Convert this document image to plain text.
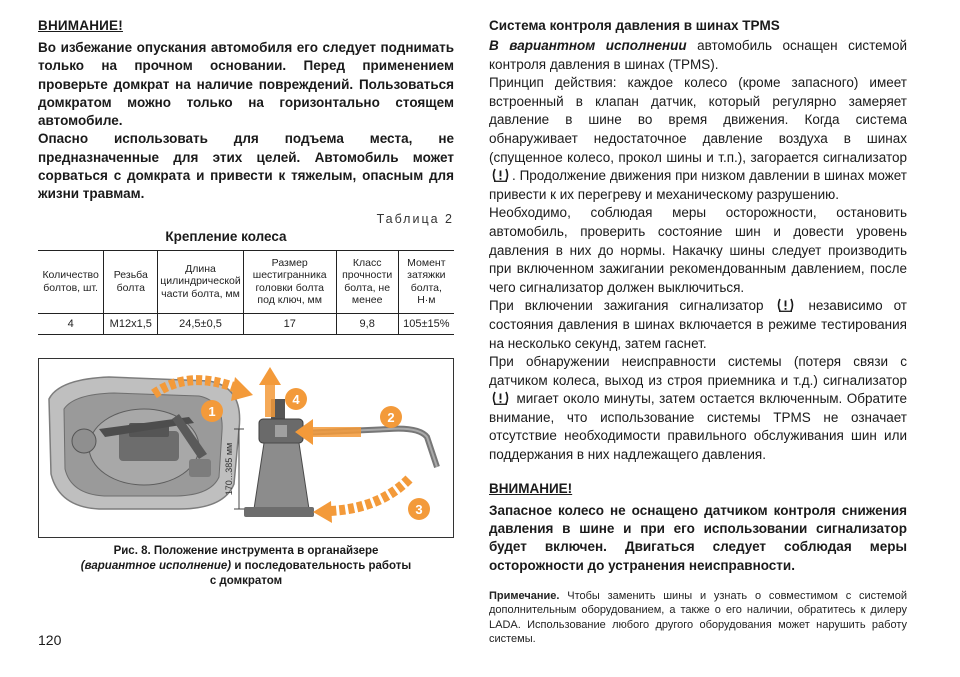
ВНИМАНИЕ!

Во избежание опускания автомобиля его следует поднимать только на прочном основании. Перед применением проверьте домкрат на наличие повреждений. Пользоваться домкратом можно только на горизонтально стоящем автомобиле.

Опасно использовать для подъема места, не предназначенные для этих целей. Автомобиль может сорваться с домкрата и привести к тяжелым, опасным для жизни травмам.

Таблица 2
Крепление колеса
Количество болтов, шт.	Резьба болта	Длина цилиндрической части болта, мм	Размер шестигранника головки болта под ключ, мм	Класс прочности болта, не менее	Момент затяжки болта, Н·м
4	M12x1,5	24,5±0,5	17	9,8	105±15%
1
170...385 мм
4
2
3
Рис. 8. Положение инструмента в органайзере
(вариантное исполнение) и последовательность работы
с домкратом
120
Система контроля давления в шинах TPMS

В вариантном исполнении автомобиль оснащен системой контроля давления в шинах (TPMS).

Принцип действия: каждое колесо (кроме запасного) имеет встроенный в клапан датчик, который регулярно замеряет давление в шине во время движения. Когда система обнаруживает недостаточное давление воздуха в шинах (спущенное колесо, прокол шины и т.п.), загорается сигнализатор. Продолжение движения при низком давлении в шинах может привести к их перегреву и механическому разрушению.

Необходимо, соблюдая меры осторожности, остановить автомобиль, проверить состояние шин и довести уровень давления в них до нормы. Накачку шины следует производить при включенном зажигании рекомендованным давлением, после чего сигнализатор должен выключиться.

При включении зажигания сигнализатор	независимо от состояния давления в шинах включается в режиме тестирования на несколько секунд, затем гаснет.

При обнаружении неисправности системы (потеря связи с датчиком колеса, выход из строя приемника и т.д.) сигнализатор  мигает около минуты, затем остается включенным. Обратите внимание, что использование системы TPMS не означает отсутствие необходимости правильного обслуживания шин или поддержания в них надлежащего давления.

ВНИМАНИЕ!

Запасное колесо не оснащено датчиком контроля снижения давления в шине и при его использовании сигнализатор будет включен. Двигаться следует соблюдая меры осторожности до устранения неисправности.

Примечание. Чтобы заменить шины и узнать о совместимом с системой дополнительным оборудованием, а также о его наличии, обратитесь к дилеру LADA. Использование любого другого оборудования может нарушить работу системы.
